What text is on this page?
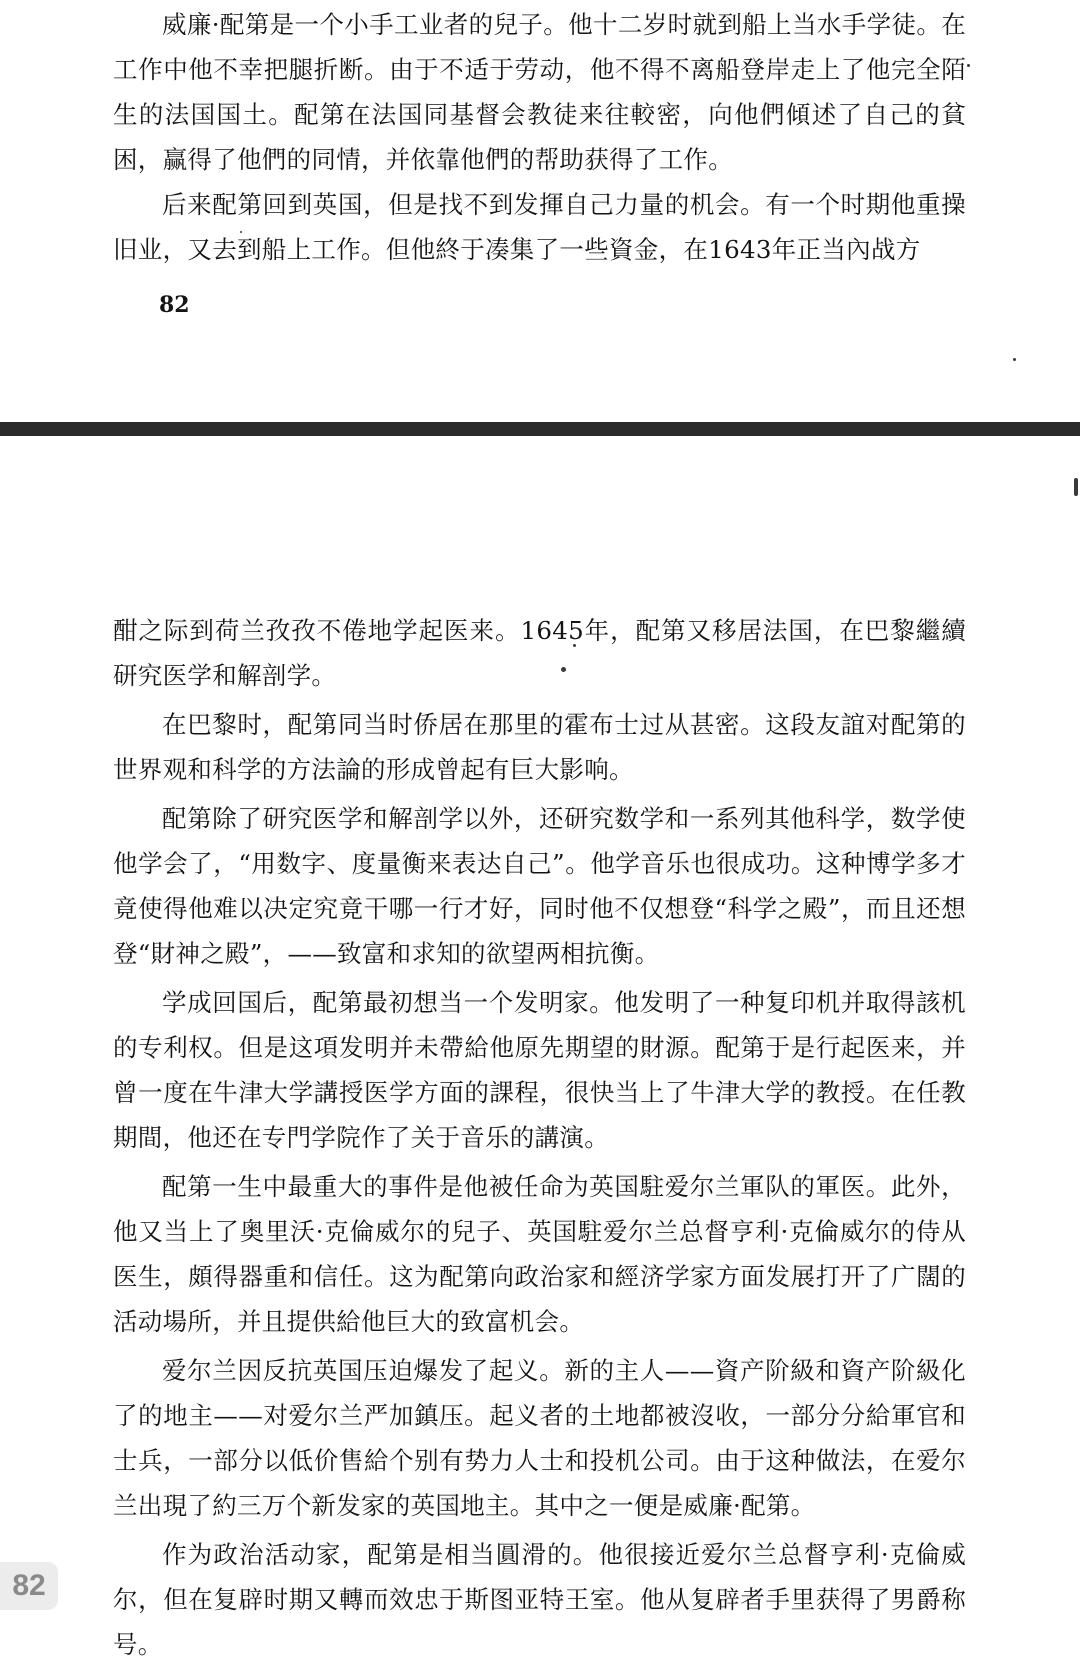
威廉·配第是一个小手工业者的兒子。他十二岁时就到船上当水手学徒。在工作中他不幸把腿折断。由于不适于劳动，他不得不离船登岸走上了他完全陌生的法国国土。配第在法国同基督会教徒来往較密，向他們傾述了自己的貧困，赢得了他們的同情，并依靠他們的帮助获得了工作。

后来配第回到英国，但是找不到发揮自己力量的机会。有一个时期他重操旧业，又去到船上工作。但他終于凑集了一些資金，在1643年正当內战方

82

酣之际到荷兰孜孜不倦地学起医来。1645年，配第又移居法国，在巴黎繼續研究医学和解剖学。

在巴黎时，配第同当时侨居在那里的霍布士过从甚密。这段友誼对配第的世界观和科学的方法論的形成曾起有巨大影响。

配第除了研究医学和解剖学以外，还研究数学和一系列其他科学，数学使他学会了，“用数字、度量衡来表达自己”。他学音乐也很成功。这种博学多才竟使得他难以决定究竟干哪一行才好，同时他不仅想登“科学之殿”，而且还想登“財神之殿”，——致富和求知的欲望两相抗衡。

学成回国后，配第最初想当一个发明家。他发明了一种复印机并取得該机的专利权。但是这項发明并未帶給他原先期望的財源。配第于是行起医来，并曾一度在牛津大学講授医学方面的課程，很快当上了牛津大学的教授。在任教期間，他还在专門学院作了关于音乐的講演。

配第一生中最重大的事件是他被任命为英国駐爱尔兰軍队的軍医。此外，他又当上了奥里沃·克倫威尔的兒子、英国駐爱尔兰总督亨利·克倫威尔的侍从医生，頗得器重和信任。这为配第向政治家和經济学家方面发展打开了广闊的活动場所，并且提供給他巨大的致富机会。

爱尔兰因反抗英国压迫爆发了起义。新的主人——資产阶級和資产阶級化了的地主——对爱尔兰严加鎮压。起义者的土地都被沒收，一部分分給軍官和士兵，一部分以低价售給个别有势力人士和投机公司。由于这种做法，在爱尔兰出現了約三万个新发家的英国地主。其中之一便是威廉·配第。

作为政治活动家，配第是相当圓滑的。他很接近爱尔兰总督亨利·克倫威尔，但在复辟时期又轉而效忠于斯图亚特王室。他从复辟者手里获得了男爵称号。

82
